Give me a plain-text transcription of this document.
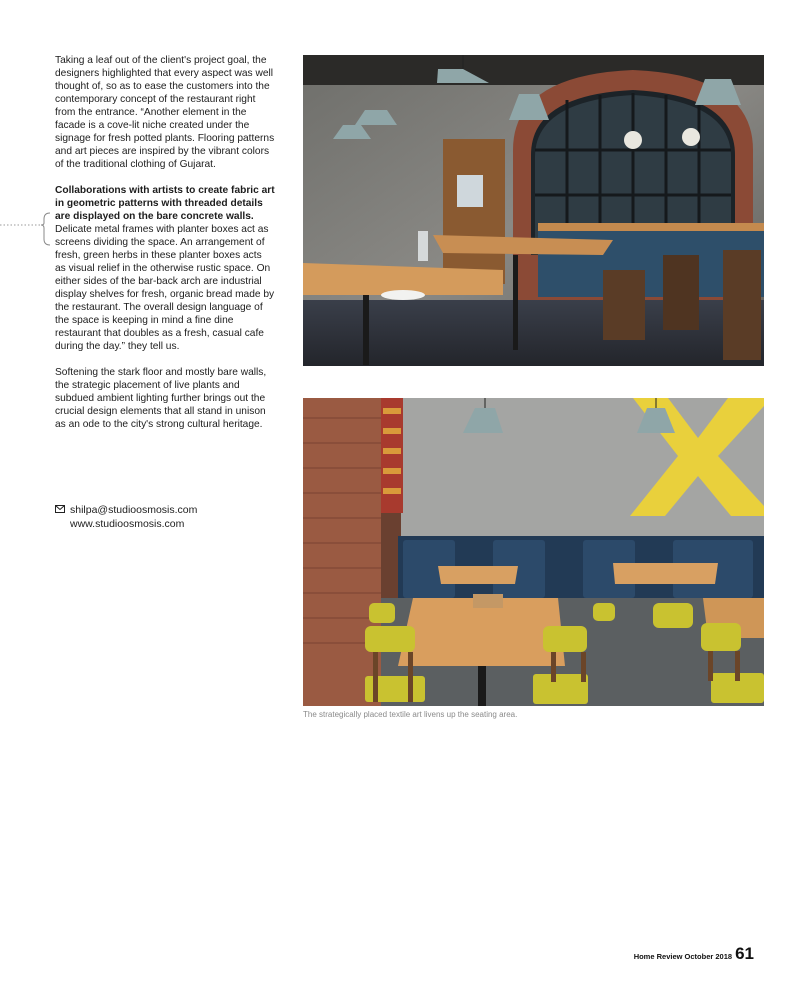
Taking a leaf out of the client's project goal, the designers highlighted that every aspect was well thought of, so as to ease the customers into the contemporary concept of the restaurant right from the entrance. “Another element in the facade is a cove-lit niche created under the signage for fresh potted plants. Flooring patterns and art pieces are inspired by the vibrant colors of the traditional clothing of Gujarat.

Collaborations with artists to create fabric art in geometric patterns with threaded details are displayed on the bare concrete walls. Delicate metal frames with planter boxes act as screens dividing the space. An arrangement of fresh, green herbs in these planter boxes acts as visual relief in the otherwise rustic space. On either sides of the bar-back arch are industrial display shelves for fresh, organic bread made by the restaurant. The overall design language of the space is keeping in mind a fine dine restaurant that doubles as a fresh, casual cafe during the day.” they tell us.

Softening the stark floor and mostly bare walls, the strategic placement of live plants and subdued ambient lighting further brings out the crucial design elements that all stand in unison as an ode to the city's strong cultural heritage.

shilpa@studioosmosis.com
www.studioosmosis.com
The strategically placed textile art livens up the seating area.
Home Review October 2018 61
